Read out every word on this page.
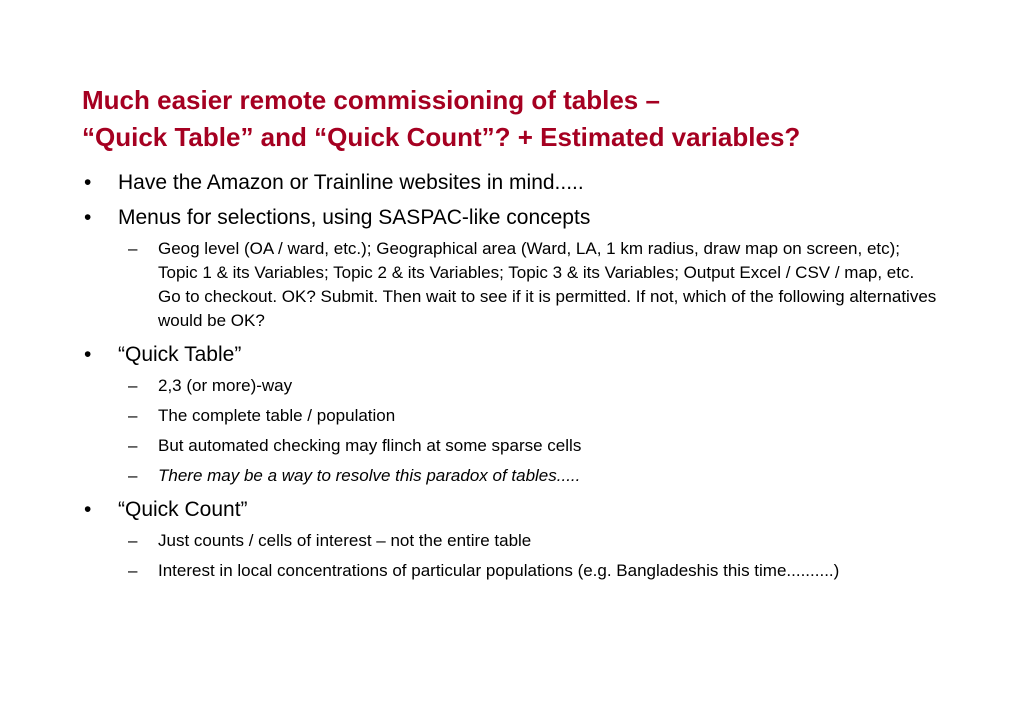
Much easier remote commissioning of tables –
“Quick Table” and “Quick Count”? + Estimated variables?
• Have the Amazon or Trainline websites in mind.....
• Menus for selections, using SASPAC-like concepts
– Geog level (OA / ward, etc.); Geographical area (Ward, LA, 1 km radius, draw map on screen, etc); Topic 1 & its Variables; Topic 2 & its Variables; Topic 3 & its Variables; Output Excel / CSV / map, etc. Go to checkout. OK? Submit. Then wait to see if it is permitted. If not, which of the following alternatives would be OK?
• “Quick Table”
– 2,3 (or more)-way
– The complete table / population
– But automated checking may flinch at some sparse cells
– There may be a way to resolve this paradox of tables.....
• “Quick Count”
– Just counts / cells of interest – not the entire table
– Interest in local concentrations of particular populations (e.g. Bangladeshis this time..........)
